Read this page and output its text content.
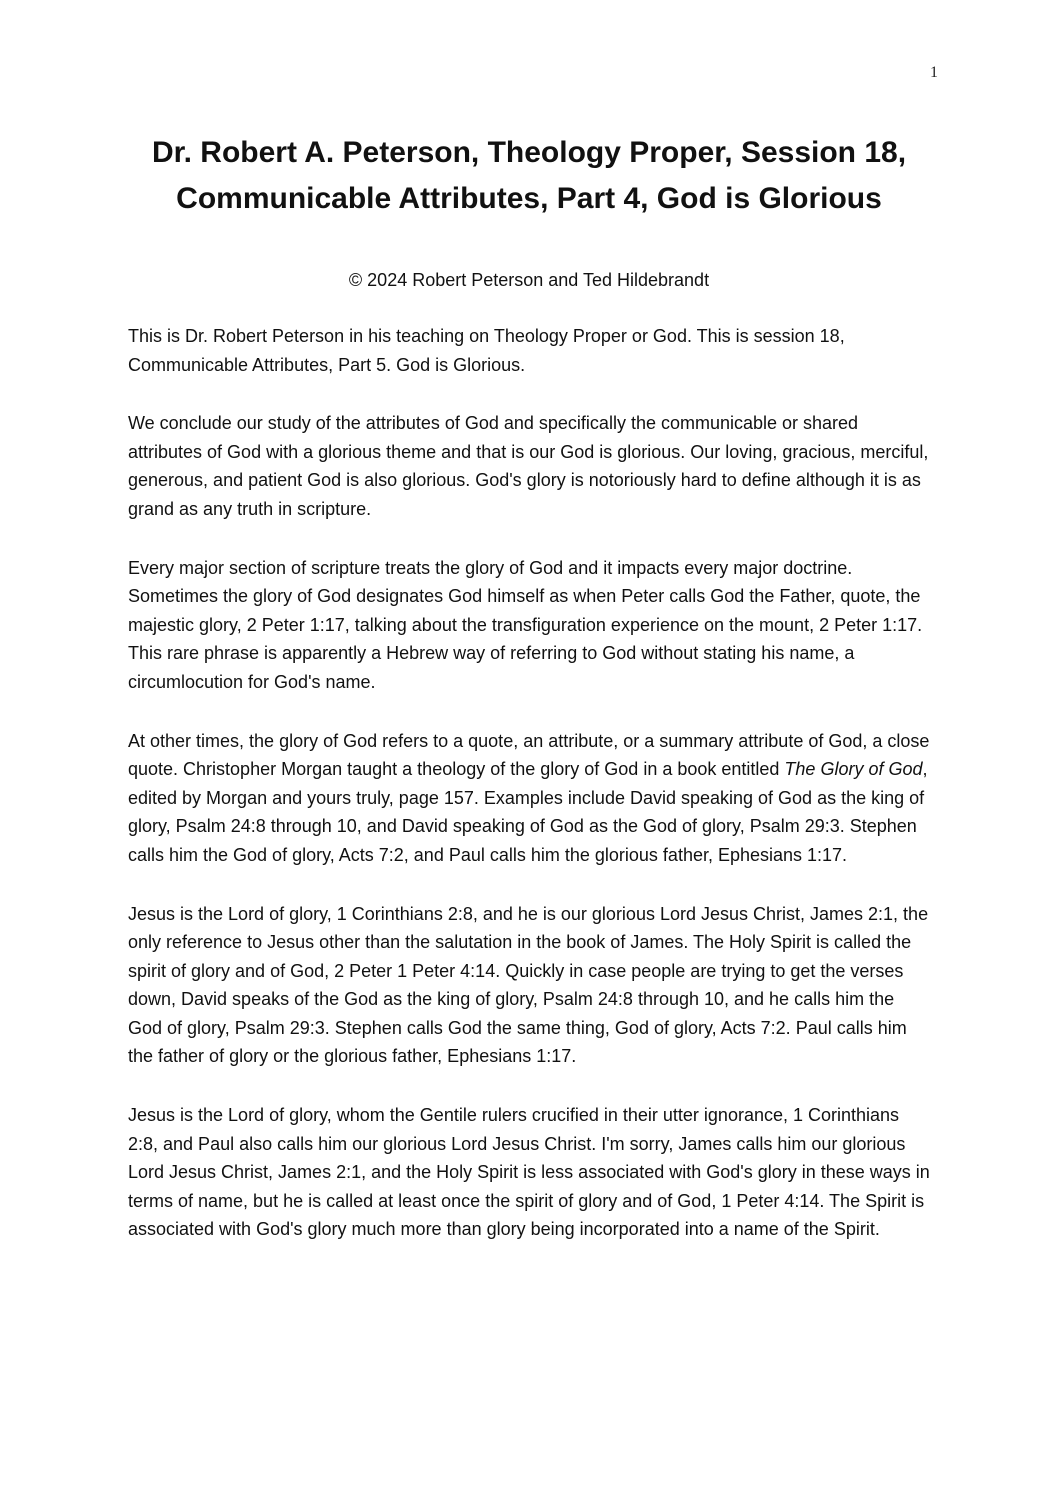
1
Dr. Robert A. Peterson, Theology Proper, Session 18, Communicable Attributes, Part 4, God is Glorious
© 2024 Robert Peterson and Ted Hildebrandt

This is Dr. Robert Peterson in his teaching on Theology Proper or God. This is session 18, Communicable Attributes, Part 5. God is Glorious.

We conclude our study of the attributes of God and specifically the communicable or shared attributes of God with a glorious theme and that is our God is glorious. Our loving, gracious, merciful, generous, and patient God is also glorious. God's glory is notoriously hard to define although it is as grand as any truth in scripture.

Every major section of scripture treats the glory of God and it impacts every major doctrine. Sometimes the glory of God designates God himself as when Peter calls God the Father, quote, the majestic glory, 2 Peter 1:17, talking about the transfiguration experience on the mount, 2 Peter 1:17. This rare phrase is apparently a Hebrew way of referring to God without stating his name, a circumlocution for God's name.

At other times, the glory of God refers to a quote, an attribute, or a summary attribute of God, a close quote. Christopher Morgan taught a theology of the glory of God in a book entitled The Glory of God, edited by Morgan and yours truly, page 157. Examples include David speaking of God as the king of glory, Psalm 24:8 through 10, and David speaking of God as the God of glory, Psalm 29:3. Stephen calls him the God of glory, Acts 7:2, and Paul calls him the glorious father, Ephesians 1:17.

Jesus is the Lord of glory, 1 Corinthians 2:8, and he is our glorious Lord Jesus Christ, James 2:1, the only reference to Jesus other than the salutation in the book of James. The Holy Spirit is called the spirit of glory and of God, 2 Peter 1 Peter 4:14. Quickly in case people are trying to get the verses down, David speaks of the God as the king of glory, Psalm 24:8 through 10, and he calls him the God of glory, Psalm 29:3. Stephen calls God the same thing, God of glory, Acts 7:2. Paul calls him the father of glory or the glorious father, Ephesians 1:17.

Jesus is the Lord of glory, whom the Gentile rulers crucified in their utter ignorance, 1 Corinthians 2:8, and Paul also calls him our glorious Lord Jesus Christ. I'm sorry, James calls him our glorious Lord Jesus Christ, James 2:1, and the Holy Spirit is less associated with God's glory in these ways in terms of name, but he is called at least once the spirit of glory and of God, 1 Peter 4:14. The Spirit is associated with God's glory much more than glory being incorporated into a name of the Spirit.
